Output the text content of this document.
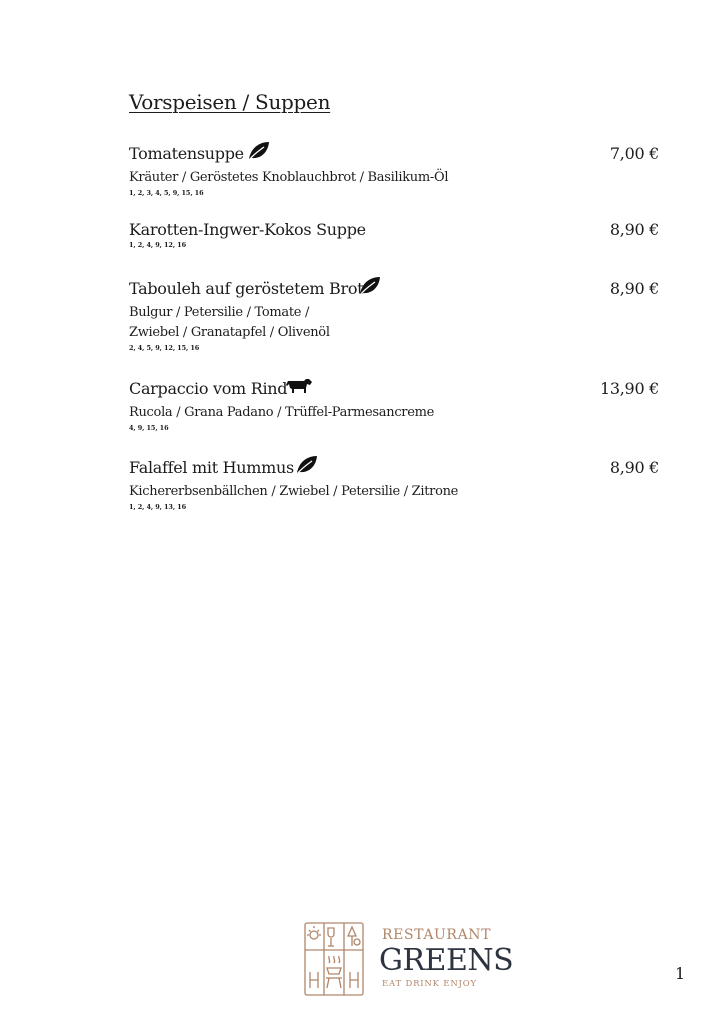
Vorspeisen / Suppen
Tomatensuppe	7,00 €
Kräuter / Geröstetes Knoblauchbrot / Basilikum-Öl
1, 2, 3, 4, 5, 9, 15, 16
Karotten-Ingwer-Kokos Suppe	8,90 €
1, 2, 4, 9, 12, 16
Tabouleh auf geröstetem Brot	8,90 €
Bulgur / Petersilie / Tomate /
Zwiebel / Granatapfel / Olivenöl
2, 4, 5, 9, 12, 15, 16
Carpaccio vom Rind	13,90 €
Rucola / Grana Padano / Trüffel-Parmesancreme
4, 9, 15, 16
Falaffel mit Hummus	8,90 €
Kichererbsenbällchen / Zwiebel / Petersilie / Zitrone
1, 2, 4, 9, 13, 16
RESTAURANT
GREENS
EAT DRINK ENJOY
1
